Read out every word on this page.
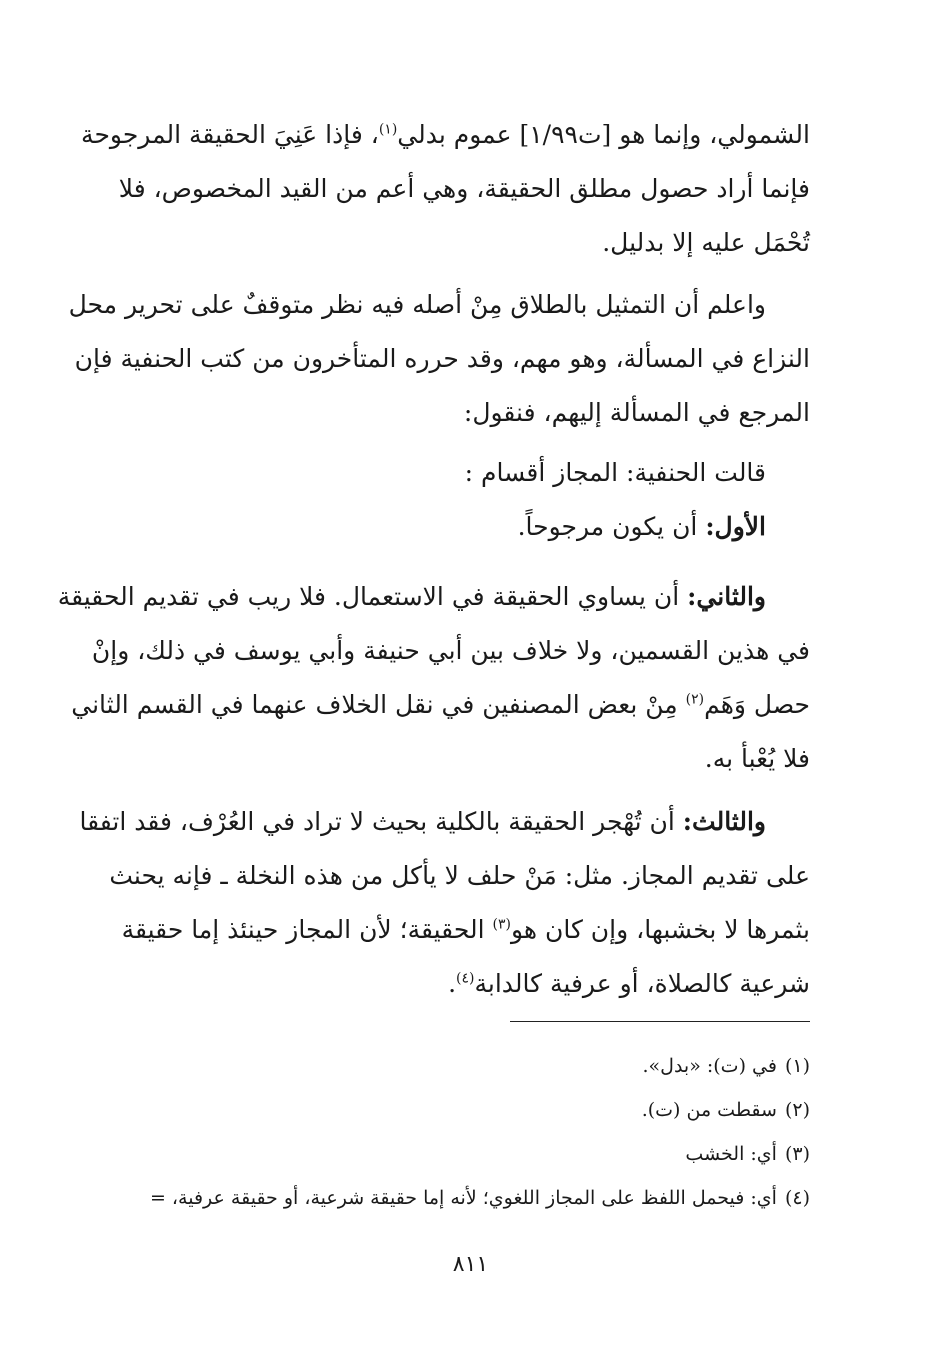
الشمولي، وإنما هو [ت١/٩٩] عموم بدلي$^{(١)}$، فإذا عَنِيَ الحقيقة المرجوحة
فإنما أراد حصول مطلق الحقيقة، وهي أعم من القيد المخصوص، فلا
تُحْمَل عليه إلا بدليل.
واعلم أن التمثيل بالطلاق مِنْ أصله فيه نظر متوقفٌ على تحرير محل
النزاع في المسألة، وهو مهم، وقد حرره المتأخرون من كتب الحنفية فإن
المرجع في المسألة إليهم، فنقول:
قالت الحنفية: المجاز أقسام :
الأول: أن يكون مرجوحاً.
والثاني: أن يساوي الحقيقة في الاستعمال. فلا ريب في تقديم الحقيقة
في هذين القسمين، ولا خلاف بين أبي حنيفة وأبي يوسف في ذلك، وإنْ
حصل وَهَم$^{(٢)}$ مِنْ بعض المصنفين في نقل الخلاف عنهما في القسم الثاني
فلا يُعْبأ به.
والثالث: أن تُهْجر الحقيقة بالكلية بحيث لا تراد في العُرْف، فقد اتفقا
على تقديم المجاز. مثل: مَنْ حلف لا يأكل من هذه النخلة ـ فإنه يحنث
بثمرها لا بخشبها، وإن كان هو$^{(٣)}$ الحقيقة؛ لأن المجاز حينئذ إما حقيقة
شرعية كالصلاة، أو عرفية كالدابة$^{(٤)}$.
(١)في (ت): «بدل».
(٢)سقطت من (ت).
(٣)أي: الخشب
(٤)أي: فيحمل اللفظ على المجاز اللغوي؛ لأنه إما حقيقة شرعية، أو حقيقة عرفية، =
٨١١
